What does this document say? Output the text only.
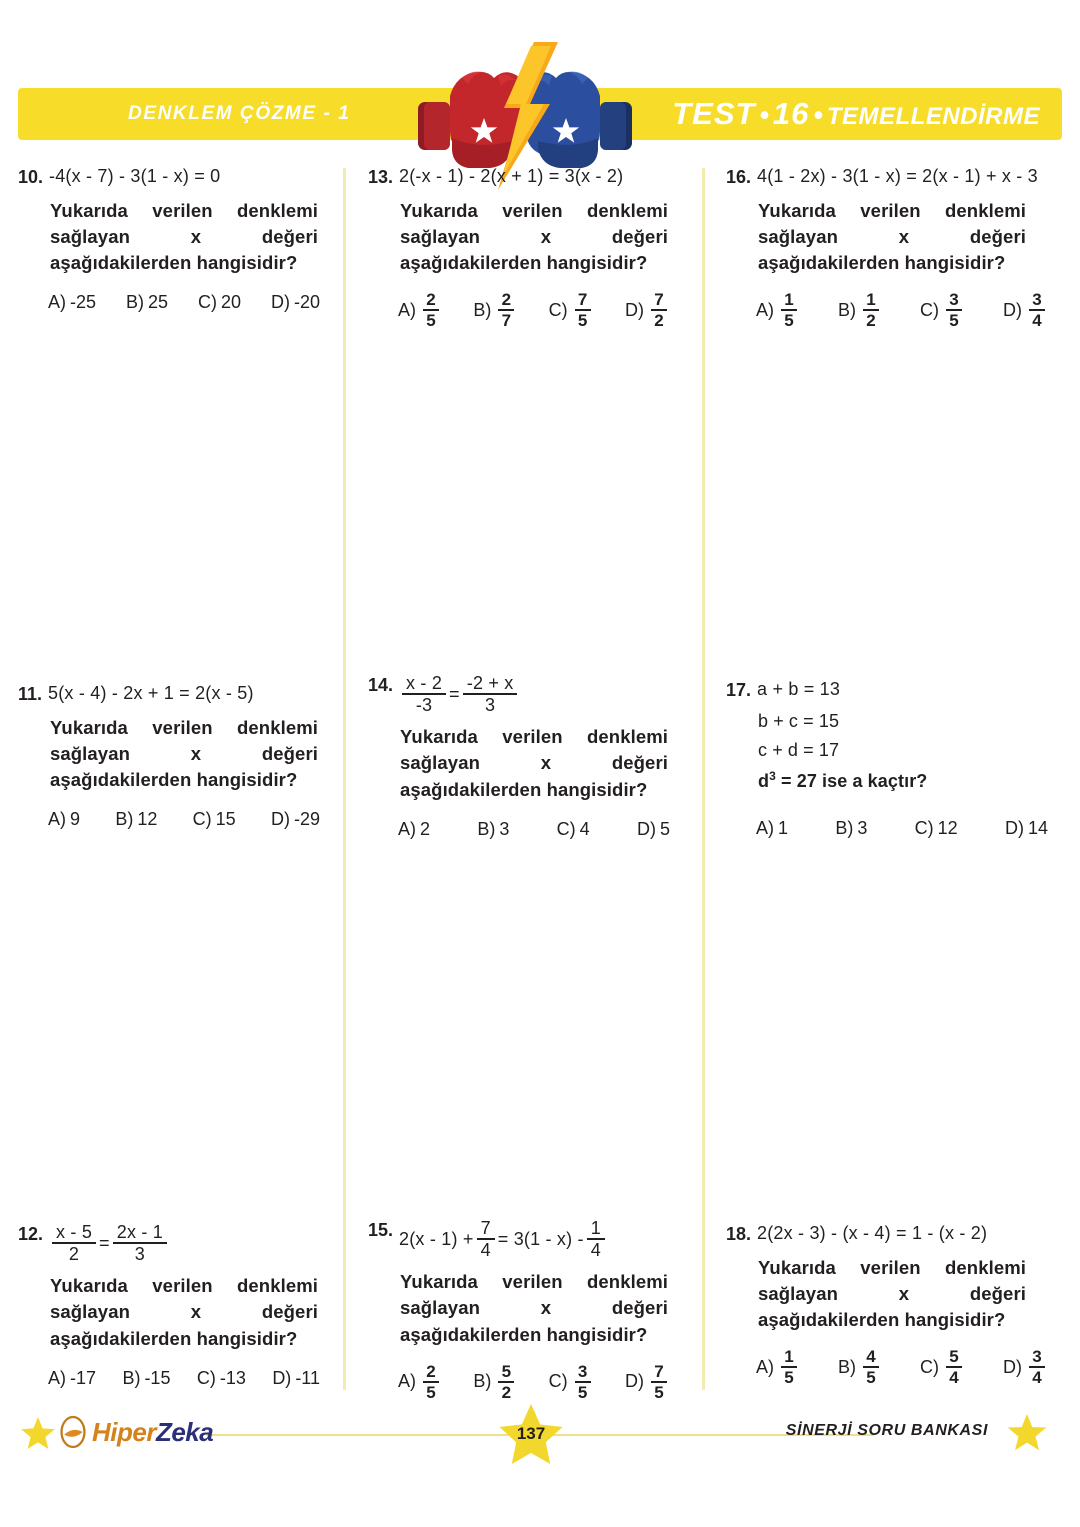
DENKLEM ÇÖZME - 1	TEST • 16 • TEMELLENDİRME
10. -4(x - 7) - 3(1 - x) = 0
Yukarıda verilen denklemi sağlayan x değeri aşağıdakilerden hangisidir?
A) -25 B) 25 C) 20 D) -20
11. 5(x - 4) - 2x + 1 = 2(x - 5)
Yukarıda verilen denklemi sağlayan x değeri aşağıdakilerden hangisidir?
A) 9 B) 12 C) 15 D) -29
12. $\frac{x - 5}{2} = \frac{2x - 1}{3}$
Yukarıda verilen denklemi sağlayan x değeri aşağıdakilerden hangisidir?
A) -17 B) -15 C) -13 D) -11
13. 2(-x - 1) - 2(x + 1) = 3(x - 2)
Yukarıda verilen denklemi sağlayan x değeri aşağıdakilerden hangisidir?
$A) \frac{2}{5} B) \frac{2}{7} C) \frac{7}{5} D) \frac{7}{2}$
14. $\frac{x - 2}{-3} = \frac{-2 + x}{3}$
Yukarıda verilen denklemi sağlayan x değeri aşağıdakilerden hangisidir?
A) 2	B) 3	C) 4	D) 5
15. $2(x - 1) + \frac{7}{4} = 3(1 - x) - \frac{1}{4}$
Yukarıda verilen denklemi sağlayan x değeri aşağıdakilerden hangisidir?
$A) \frac{2}{5} B) \frac{5}{2} C) \frac{3}{5} D) \frac{7}{5}$
16. 4(1 - 2x) - 3(1 - x) = 2(x - 1) + x - 3
Yukarıda verilen denklemi sağlayan x değeri aşağıdakilerden hangisidir?
$A) \frac{1}{5} B) \frac{1}{2} C) \frac{3}{5} D) \frac{3}{4}$
17. a + b = 13
b + c = 15
c + d = 17
$d^3 = 27$ ise a kaçtır?
A) 1	B) 3	C) 12	D) 14
18. 2(2x - 3) - (x - 4) = 1 - (x - 2)
Yukarıda verilen denklemi sağlayan x değeri aşağıdakilerden hangisidir?
$A) \frac{1}{5} B) \frac{4}{5} C) \frac{5}{4} D) \frac{3}{4}$
HiperZeka	137	SİNERJİ SORU BANKASI
